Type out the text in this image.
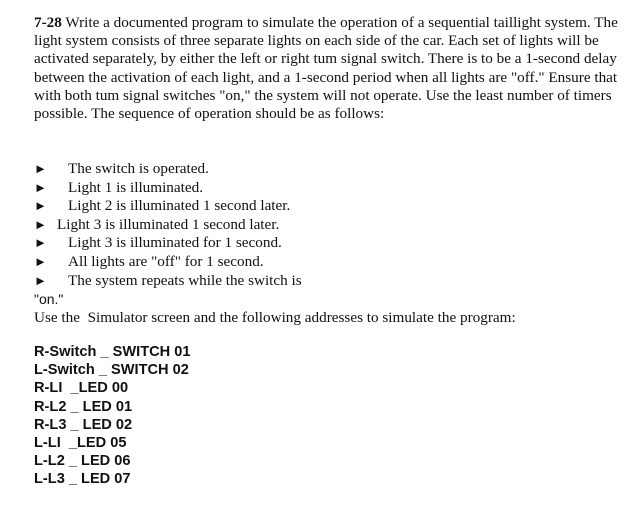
7-28 Write a documented program to simulate the operation of a sequential taillight system. The light system consists of three separate lights on each side of the car. Each set of lights will be activated separately, by either the left or right tum signal switch. There is to be a 1-second delay between the activation of each light, and a 1-second period when all lights are "off." Ensure that with both tum signal switches "on," the system will not operate. Use the least number of timers possible. The sequence of operation should be as follows:
► The switch is operated.
► Light 1 is illuminated.
► Light 2 is illuminated 1 second later.
► Light 3 is illuminated 1 second later.
► Light 3 is illuminated for 1 second.
► All lights are "off" for 1 second.
► The system repeats while the switch is
"on."
Use the  Simulator screen and the following addresses to simulate the program:
R-Switch _ SWITCH 01
L-Switch _ SWITCH 02
R-LI  _LED 00
R-L2 _ LED 01
R-L3 _ LED 02
L-LI  _LED 05
L-L2 _ LED 06
L-L3 _ LED 07
